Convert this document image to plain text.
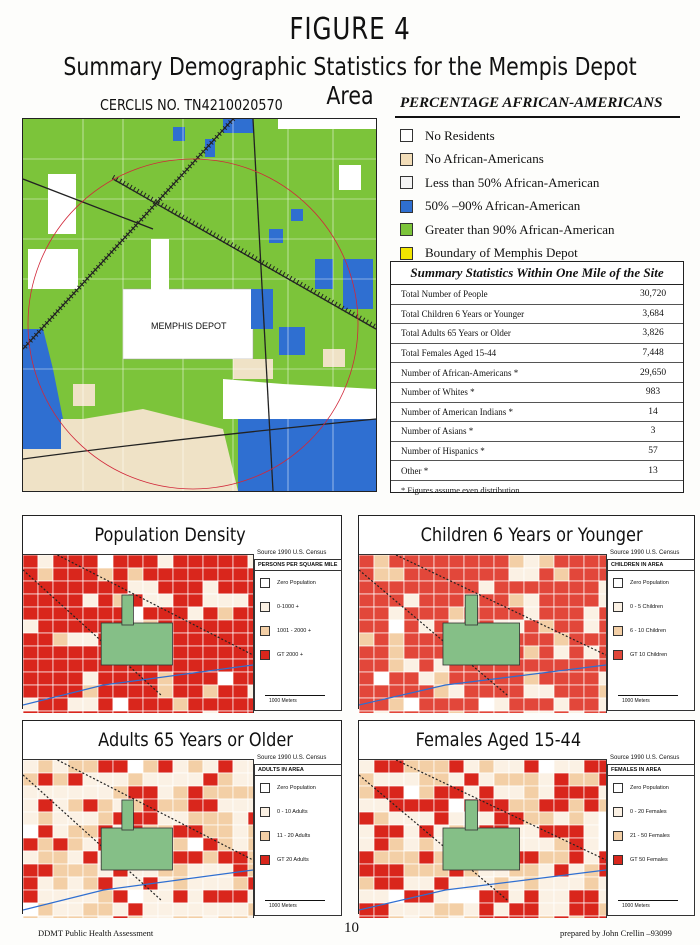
FIGURE 4
Summary Demographic Statistics for the Mempis Depot Area
CERCLIS NO. TN4210020570	PERCENTAGE AFRICAN-AMERICANS
MEMPHIS DEPOT
No Residents
No African-Americans
Less than 50% African-American
50% –90% African-American
Greater than 90% African-American
Boundary of Memphis Depot
Summary Statistics Within One Mile of the Site
Total Number of People	30,720
Total Children 6 Years or Younger	3,684
Total Adults 65 Years or Older	3,826
Total Females Aged 15-44	7,448
Number of African-Americans *	29,650
Number of Whites *	983
Number of American Indians *	14
Number of Asians *	3
Number of Hispanics *	57
Other *	13
* Figures assume even distribution
Population Density
Source 1990 U.S. Census
PERSONS PER SQUARE MILE
Zero Population
0-1000 +
1001 - 2000 +
GT 2000 +
1000 Meters
Children 6 Years or Younger
Source 1990 U.S. Census
CHILDREN IN AREA
Zero Population
0 - 5 Children
6 - 10 Children
GT 10 Children
1000 Meters
Adults 65 Years or Older
Source 1990 U.S. Census
ADULTS IN AREA
Zero Population
0 - 10 Adults
11 - 20 Adults
GT 20 Adults
1000 Meters
Females Aged 15-44
Source 1990 U.S. Census
FEMALES IN AREA
Zero Population
0 - 20 Females
21 - 50 Females
GT 50 Females
1000 Meters
DDMT Public Health Assessment	10	prepared by John Crellin –93099
